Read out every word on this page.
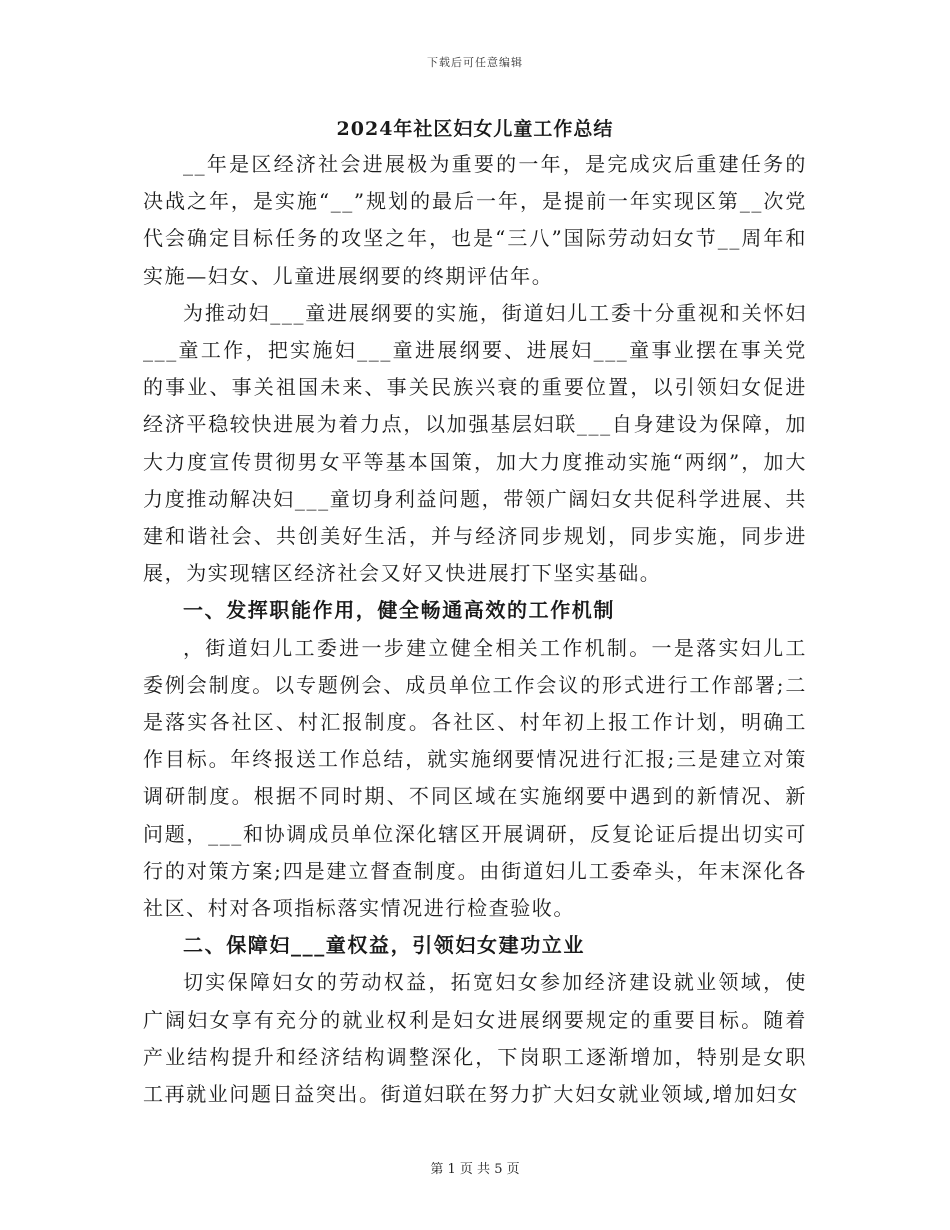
下载后可任意编辑
2024年社区妇女儿童工作总结

__年是区经济社会进展极为重要的一年，是完成灾后重建任务的决战之年，是实施“__”规划的最后一年，是提前一年实现区第__次党代会确定目标任务的攻坚之年，也是“三八”国际劳动妇女节__周年和实施—妇女、儿童进展纲要的终期评估年。

为推动妇___童进展纲要的实施，街道妇儿工委十分重视和关怀妇___童工作，把实施妇___童进展纲要、进展妇___童事业摆在事关党的事业、事关祖国未来、事关民族兴衰的重要位置，以引领妇女促进经济平稳较快进展为着力点，以加强基层妇联___自身建设为保障，加大力度宣传贯彻男女平等基本国策，加大力度推动实施“两纲”，加大力度推动解决妇___童切身利益问题，带领广阔妇女共促科学进展、共建和谐社会、共创美好生活，并与经济同步规划，同步实施，同步进展，为实现辖区经济社会又好又快进展打下坚实基础。

一、发挥职能作用，健全畅通高效的工作机制

，街道妇儿工委进一步建立健全相关工作机制。一是落实妇儿工委例会制度。以专题例会、成员单位工作会议的形式进行工作部署;二是落实各社区、村汇报制度。各社区、村年初上报工作计划，明确工作目标。年终报送工作总结，就实施纲要情况进行汇报;三是建立对策调研制度。根据不同时期、不同区域在实施纲要中遇到的新情况、新问题，___和协调成员单位深化辖区开展调研，反复论证后提出切实可行的对策方案;四是建立督查制度。由街道妇儿工委牵头，年末深化各社区、村对各项指标落实情况进行检查验收。

二、保障妇___童权益，引领妇女建功立业

切实保障妇女的劳动权益，拓宽妇女参加经济建设就业领域，使广阔妇女享有充分的就业权利是妇女进展纲要规定的重要目标。随着产业结构提升和经济结构调整深化，下岗职工逐渐增加，特别是女职工再就业问题日益突出。街道妇联在努力扩大妇女就业领域,增加妇女

第 1 页 共 5 页
